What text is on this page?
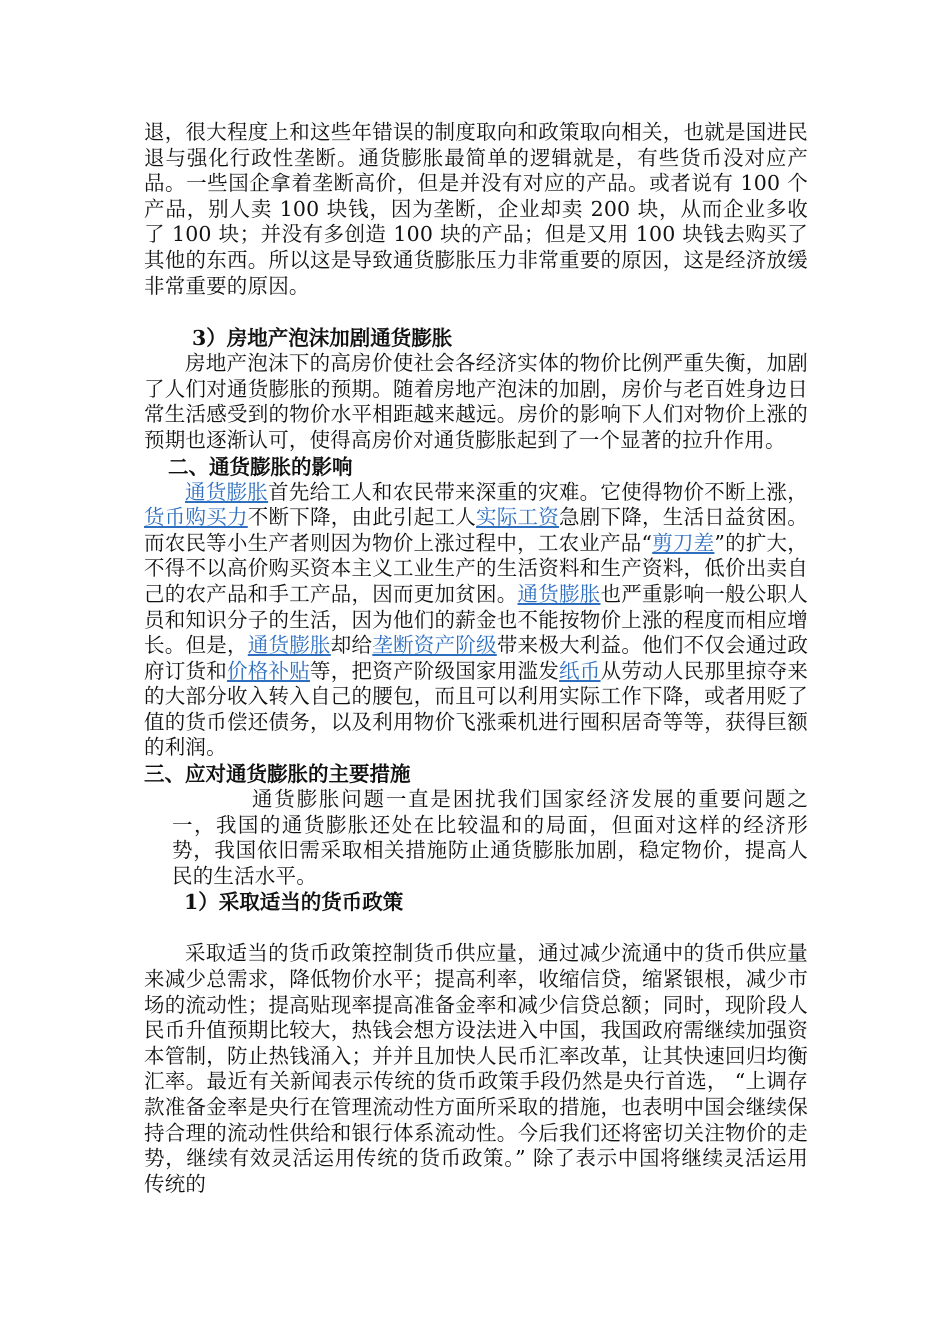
退，很大程度上和这些年错误的制度取向和政策取向相关，也就是国进民退与强化行政性垄断。通货膨胀最简单的逻辑就是，有些货币没对应产品。一些国企拿着垄断高价，但是并没有对应的产品。或者说有 100 个产品，别人卖 100 块钱，因为垄断，企业却卖 200 块，从而企业多收了 100 块；并没有多创造 100 块的产品；但是又用 100 块钱去购买了其他的东西。所以这是导致通货膨胀压力非常重要的原因，这是经济放缓非常重要的原因。

3）房地产泡沫加剧通货膨胀

房地产泡沫下的高房价使社会各经济实体的物价比例严重失衡，加剧了人们对通货膨胀的预期。随着房地产泡沫的加剧，房价与老百姓身边日常生活感受到的物价水平相距越来越远。房价的影响下人们对物价上涨的预期也逐渐认可，使得高房价对通货膨胀起到了一个显著的拉升作用。

二、通货膨胀的影响

通货膨胀首先给工人和农民带来深重的灾难。它使得物价不断上涨，货币购买力不断下降，由此引起工人实际工资急剧下降，生活日益贫困。而农民等小生产者则因为物价上涨过程中，工农业产品“剪刀差”的扩大，不得不以高价购买资本主义工业生产的生活资料和生产资料，低价出卖自己的农产品和手工产品，因而更加贫困。通货膨胀也严重影响一般公职人员和知识分子的生活，因为他们的薪金也不能按物价上涨的程度而相应增长。但是，通货膨胀却给垄断资产阶级带来极大利益。他们不仅会通过政府订货和价格补贴等，把资产阶级国家用滥发纸币从劳动人民那里掠夺来的大部分收入转入自己的腰包，而且可以利用实际工作下降，或者用贬了值的货币偿还债务，以及利用物价飞涨乘机进行囤积居奇等等，获得巨额的利润。

三、应对通货膨胀的主要措施

通货膨胀问题一直是困扰我们国家经济发展的重要问题之一，我国的通货膨胀还处在比较温和的局面，但面对这样的经济形势，我国依旧需采取相关措施防止通货膨胀加剧，稳定物价，提高人民的生活水平。

1）采取适当的货币政策

采取适当的货币政策控制货币供应量，通过减少流通中的货币供应量来减少总需求，降低物价水平；提高利率，收缩信贷，缩紧银根，减少市场的流动性；提高贴现率提高准备金率和减少信贷总额；同时，现阶段人民币升值预期比较大，热钱会想方设法进入中国，我国政府需继续加强资本管制，防止热钱涌入；并并且加快人民币汇率改革，让其快速回归均衡汇率。最近有关新闻表示传统的货币政策手段仍然是央行首选， “上调存款准备金率是央行在管理流动性方面所采取的措施，也表明中国会继续保持合理的流动性供给和银行体系流动性。今后我们还将密切关注物价的走势，继续有效灵活运用传统的货币政策。” 除了表示中国将继续灵活运用传统的
